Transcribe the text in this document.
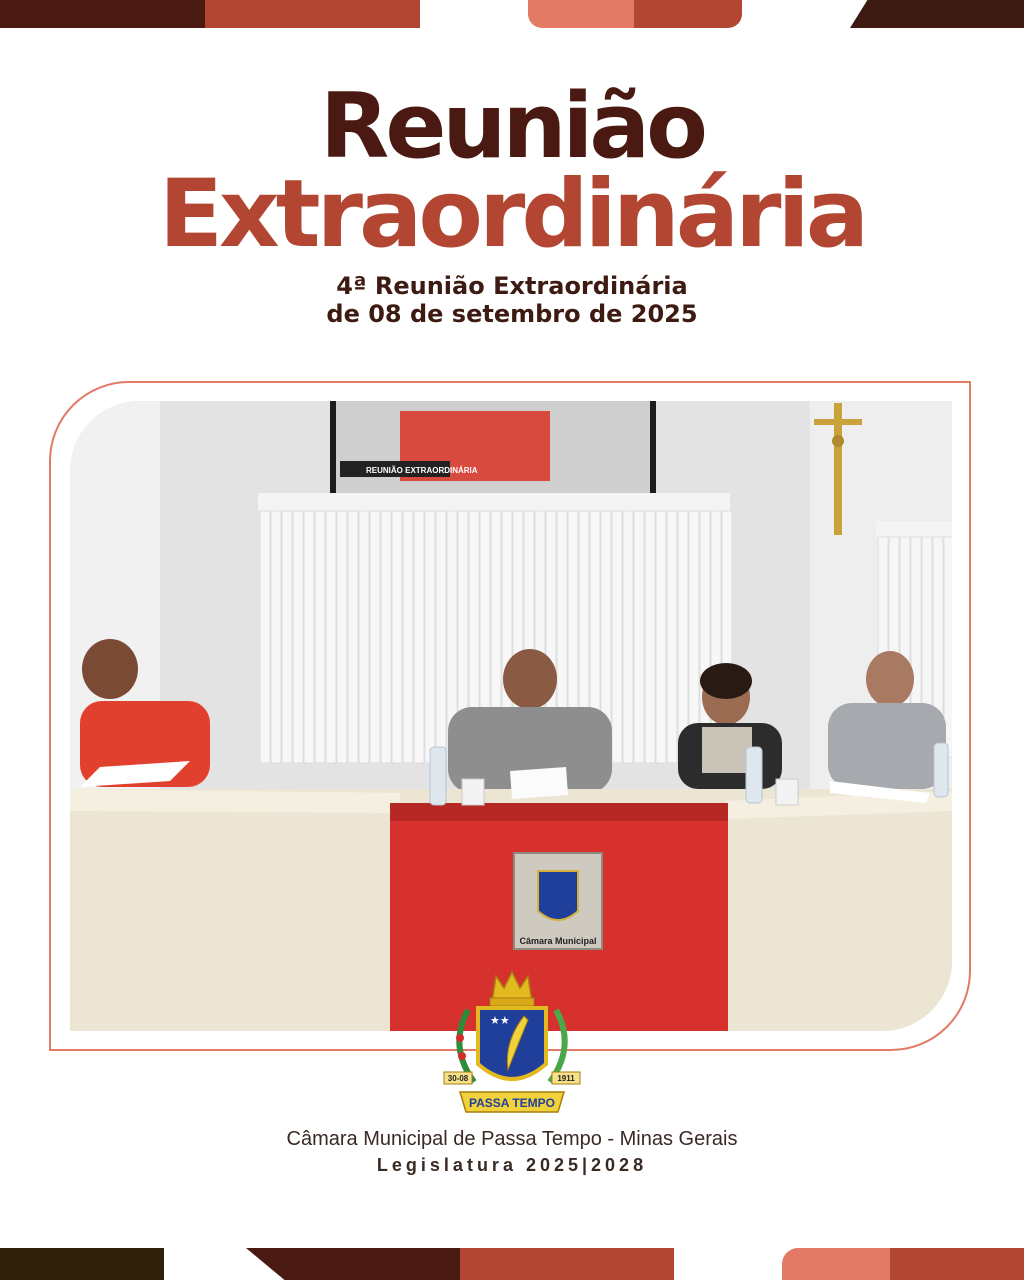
Reunião
Extraordinária
4ª Reunião Extraordinária
de 08 de setembro de 2025
REUNIÃO EXTRAORDINÁRIA
Câmara Municipal
★★
30-08	1911
PASSA TEMPO
Câmara Municipal de Passa Tempo - Minas Gerais
Legislatura 2025|2028
